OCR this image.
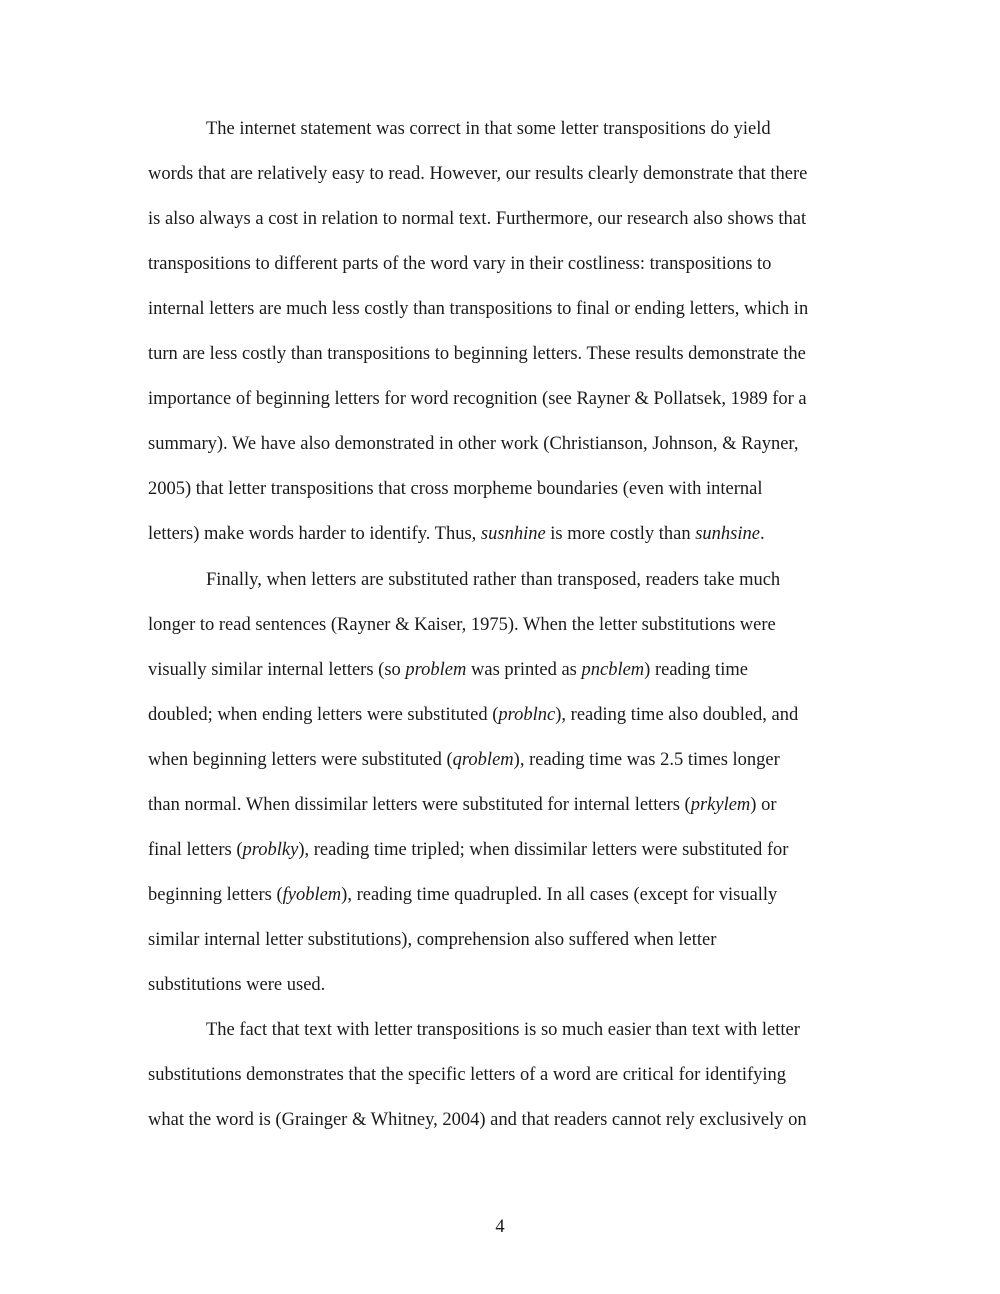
The internet statement was correct in that some letter transpositions do yield
words that are relatively easy to read. However, our results clearly demonstrate that there
is also always a cost in relation to normal text. Furthermore, our research also shows that
transpositions to different parts of the word vary in their costliness: transpositions to
internal letters are much less costly than transpositions to final or ending letters, which in
turn are less costly than transpositions to beginning letters. These results demonstrate the
importance of beginning letters for word recognition (see Rayner & Pollatsek, 1989 for a
summary). We have also demonstrated in other work (Christianson, Johnson, & Rayner,
2005) that letter transpositions that cross morpheme boundaries (even with internal
letters) make words harder to identify. Thus, susnhine is more costly than sunhsine.
Finally, when letters are substituted rather than transposed, readers take much
longer to read sentences (Rayner & Kaiser, 1975). When the letter substitutions were
visually similar internal letters (so problem was printed as pncblem) reading time
doubled; when ending letters were substituted (problnc), reading time also doubled, and
when beginning letters were substituted (qroblem), reading time was 2.5 times longer
than normal. When dissimilar letters were substituted for internal letters (prkylem) or
final letters (problky), reading time tripled; when dissimilar letters were substituted for
beginning letters (fyoblem), reading time quadrupled. In all cases (except for visually
similar internal letter substitutions), comprehension also suffered when letter
substitutions were used.
The fact that text with letter transpositions is so much easier than text with letter
substitutions demonstrates that the specific letters of a word are critical for identifying
what the word is (Grainger & Whitney, 2004) and that readers cannot rely exclusively on
4
